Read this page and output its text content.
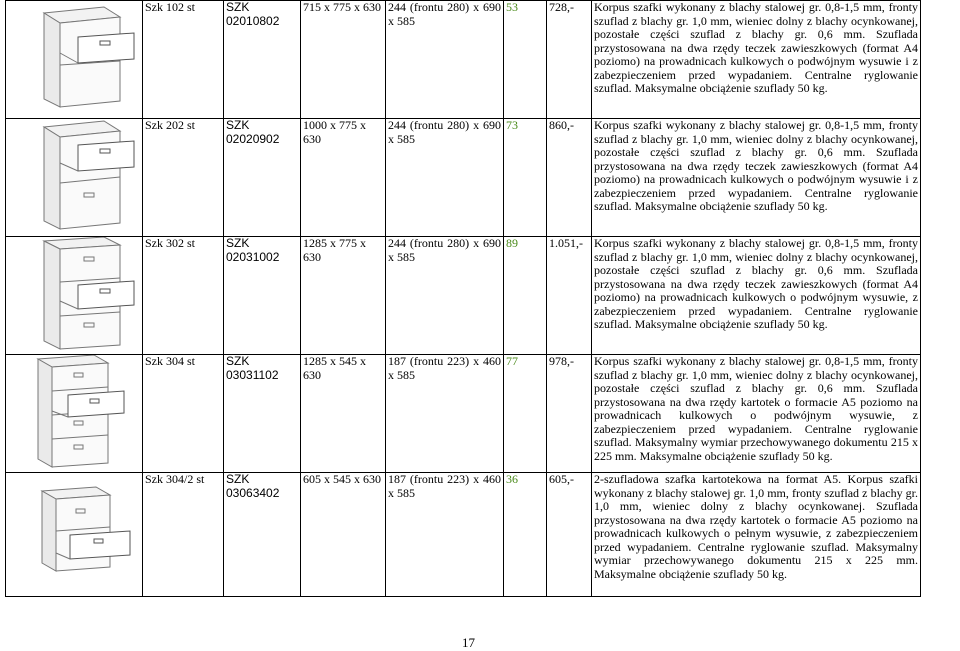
	Szk 102 st	SZK 02010802	715 x 775 x 630	244 (frontu 280) x 690 x 585	53	728,-	Korpus szafki wykonany z blachy stalowej gr. 0,8-1,5 mm, fronty szuflad z blachy gr. 1,0 mm, wieniec dolny z blachy ocynkowanej, pozostałe części szuflad z blachy gr. 0,6 mm. Szuflada przystosowana na dwa rzędy teczek zawieszkowych (format A4 poziomo) na prowadnicach kulkowych o podwójnym wysuwie i z zabezpieczeniem przed wypadaniem. Centralne ryglowanie szuflad. Maksymalne obciążenie szuflady 50 kg.

	Szk 202 st	SZK 02020902	1000 x 775 x 630	244 (frontu 280) x 690 x 585	73	860,-	Korpus szafki wykonany z blachy stalowej gr. 0,8-1,5 mm, fronty szuflad z blachy gr. 1,0 mm, wieniec dolny z blachy ocynkowanej, pozostałe części szuflad z blachy gr. 0,6 mm. Szuflada przystosowana na dwa rzędy teczek zawieszkowych (format A4 poziomo) na prowadnicach kulkowych o podwójnym wysuwie i z zabezpieczeniem przed wypadaniem. Centralne ryglowanie szuflad. Maksymalne obciążenie szuflady 50 kg.

	Szk 302 st	SZK 02031002	1285 x 775 x 630	244 (frontu 280) x 690 x 585	89	1.051,-	Korpus szafki wykonany z blachy stalowej gr. 0,8-1,5 mm, fronty szuflad z blachy gr. 1,0 mm, wieniec dolny z blachy ocynkowanej, pozostałe części szuflad z blachy gr. 0,6 mm. Szuflada przystosowana na dwa rzędy teczek zawieszkowych (format A4 poziomo) na prowadnicach kulkowych o podwójnym wysuwie, z zabezpieczeniem przed wypadaniem. Centralne ryglowanie szuflad. Maksymalne obciążenie szuflady 50 kg.

	Szk 304 st	SZK 03031102	1285 x 545 x 630	187 (frontu 223) x 460 x 585	77	978,-	Korpus szafki wykonany z blachy stalowej gr. 0,8-1,5 mm, fronty szuflad z blachy gr. 1,0 mm, wieniec dolny z blachy ocynkowanej, pozostałe części szuflad z blachy gr. 0,6 mm. Szuflada przystosowana na dwa rzędy kartotek o formacie A5 poziomo na prowadnicach kulkowych o podwójnym wysuwie, z zabezpieczeniem przed wypadaniem. Centralne ryglowanie szuflad. Maksymalny wymiar przechowywanego dokumentu 215 x 225 mm. Maksymalne obciążenie szuflady 50 kg.

	Szk 304/2 st	SZK 03063402	605 x 545 x 630	187 (frontu 223) x 460 x 585	36	605,-	2-szufladowa szafka kartotekowa na format A5. Korpus szafki wykonany z blachy stalowej gr. 1,0 mm, fronty szuflad z blachy gr. 1,0 mm, wieniec dolny z blachy ocynkowanej. Szuflada przystosowana na dwa rzędy kartotek o formacie A5 poziomo na prowadnicach kulkowych o pełnym wysuwie, z zabezpieczeniem przed wypadaniem. Centralne ryglowanie szuflad. Maksymalny wymiar przechowywanego dokumentu 215 x 225 mm. Maksymalne obciążenie szuflady 50 kg.
17
